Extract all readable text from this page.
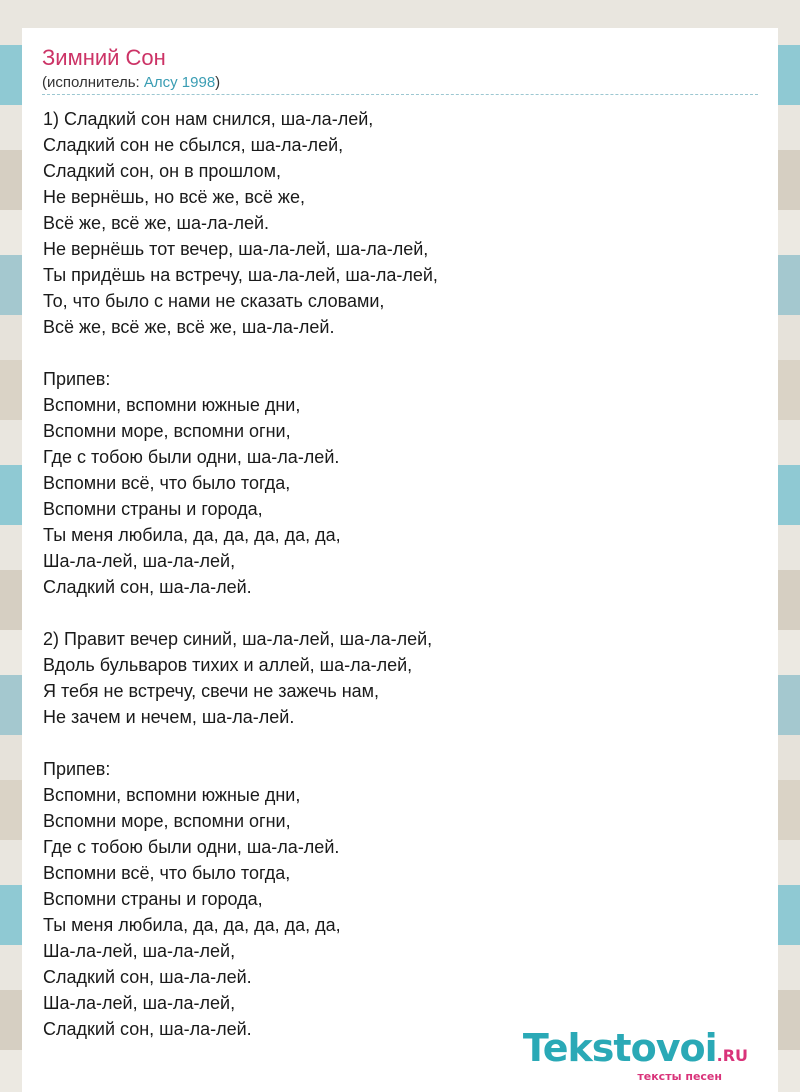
Зимний Сон
(исполнитель: Алсу 1998)
1) Сладкий сон нам снился, ша-ла-лей,
Сладкий сон не сбылся, ша-ла-лей,
Сладкий сон, он в прошлом,
Не вернёшь, но всё же, всё же,
Всё же, всё же, ша-ла-лей.
Не вернёшь тот вечер, ша-ла-лей, ша-ла-лей,
Ты придёшь на встречу, ша-ла-лей, ша-ла-лей,
То, что было с нами не сказать словами,
Всё же, всё же, всё же, ша-ла-лей.
Припев:
Вспомни, вспомни южные дни,
Вспомни море, вспомни огни,
Где с тобою были одни, ша-ла-лей.
Вспомни всё, что было тогда,
Вспомни страны и города,
Ты меня любила, да, да, да, да, да,
Ша-ла-лей, ша-ла-лей,
Сладкий сон, ша-ла-лей.
2) Правит вечер синий, ша-ла-лей, ша-ла-лей,
Вдоль бульваров тихих и аллей, ша-ла-лей,
Я тебя не встречу, свечи не зажечь нам,
Не зачем и нечем, ша-ла-лей.
Припев:
Вспомни, вспомни южные дни,
Вспомни море, вспомни огни,
Где с тобою были одни, ша-ла-лей.
Вспомни всё, что было тогда,
Вспомни страны и города,
Ты меня любила, да, да, да, да, да,
Ша-ла-лей, ша-ла-лей,
Сладкий сон, ша-ла-лей.
Ша-ла-лей, ша-ла-лей,
Сладкий сон, ша-ла-лей.	Tekstovoi.RU
тексты песен
